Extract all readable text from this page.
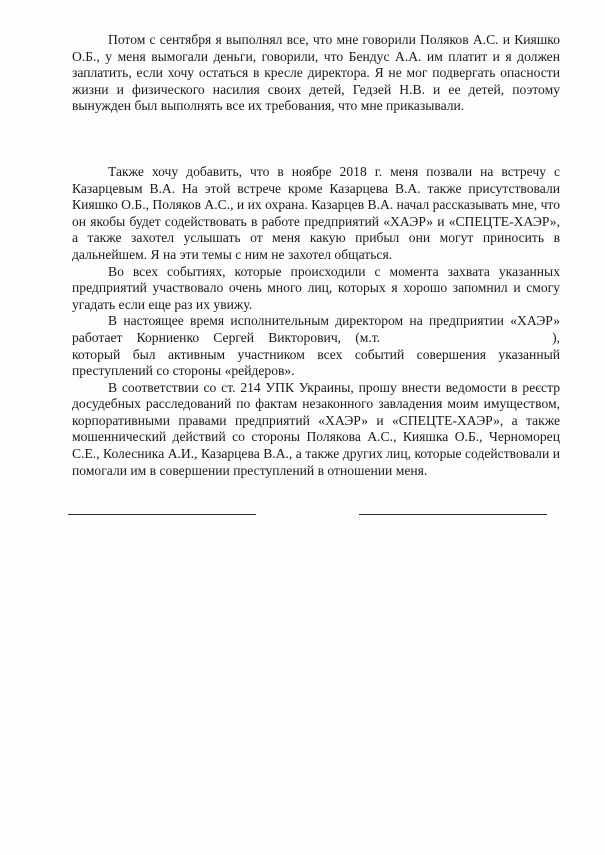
Потом с сентября я выполнял все, что мне говорили Поляков А.С. и Кияшко О.Б., у меня вымогали деньги, говорили, что Бендус А.А. им платит и я должен заплатить, если хочу остаться в кресле директора. Я не мог подвергать опасности жизни и физического насилия своих детей, Гедзей Н.В. и ее детей, поэтому вынужден был выполнять все их требования, что мне приказывали.

Также хочу добавить, что в ноябре 2018 г. меня позвали на встречу с Казарцевым В.А. На этой встрече кроме Казарцева В.А. также присутствовали Кияшко О.Б., Поляков А.С., и их охрана. Казарцев В.А. начал рассказывать мне, что он якобы будет содействовать в работе предприятий «ХАЭР» и «СПЕЦТЕ-ХАЭР», а также захотел услышать от меня какую прибыл они могут приносить в дальнейшем. Я на эти темы с ним не захотел общаться.

Во всех событиях, которые происходили с момента захвата указанных предприятий участвовало очень много лиц, которых я хорошо запомнил и смогу угадать если еще раз их увижу.

В настоящее время исполнительным директором на предприятии «ХАЭР» работает Корниенко Сергей Викторович, (м.т.	), который был активным участником всех событий совершения указанный преступлений со стороны «рейдеров».

В соответствии со ст. 214 УПК Украины, прошу внести ведомости в реєстр досудебных расследований по фактам незаконного завладения моим имуществом, корпоративными правами предприятий «ХАЭР» и «СПЕЦТЕ-ХАЭР», а также мошеннический действий со стороны Полякова А.С., Кияшка О.Б., Черноморец С.Е., Колесника А.И., Казарцева В.А., а также других лиц, которые содействовали и помогали им в совершении преступлений в отношении меня.
